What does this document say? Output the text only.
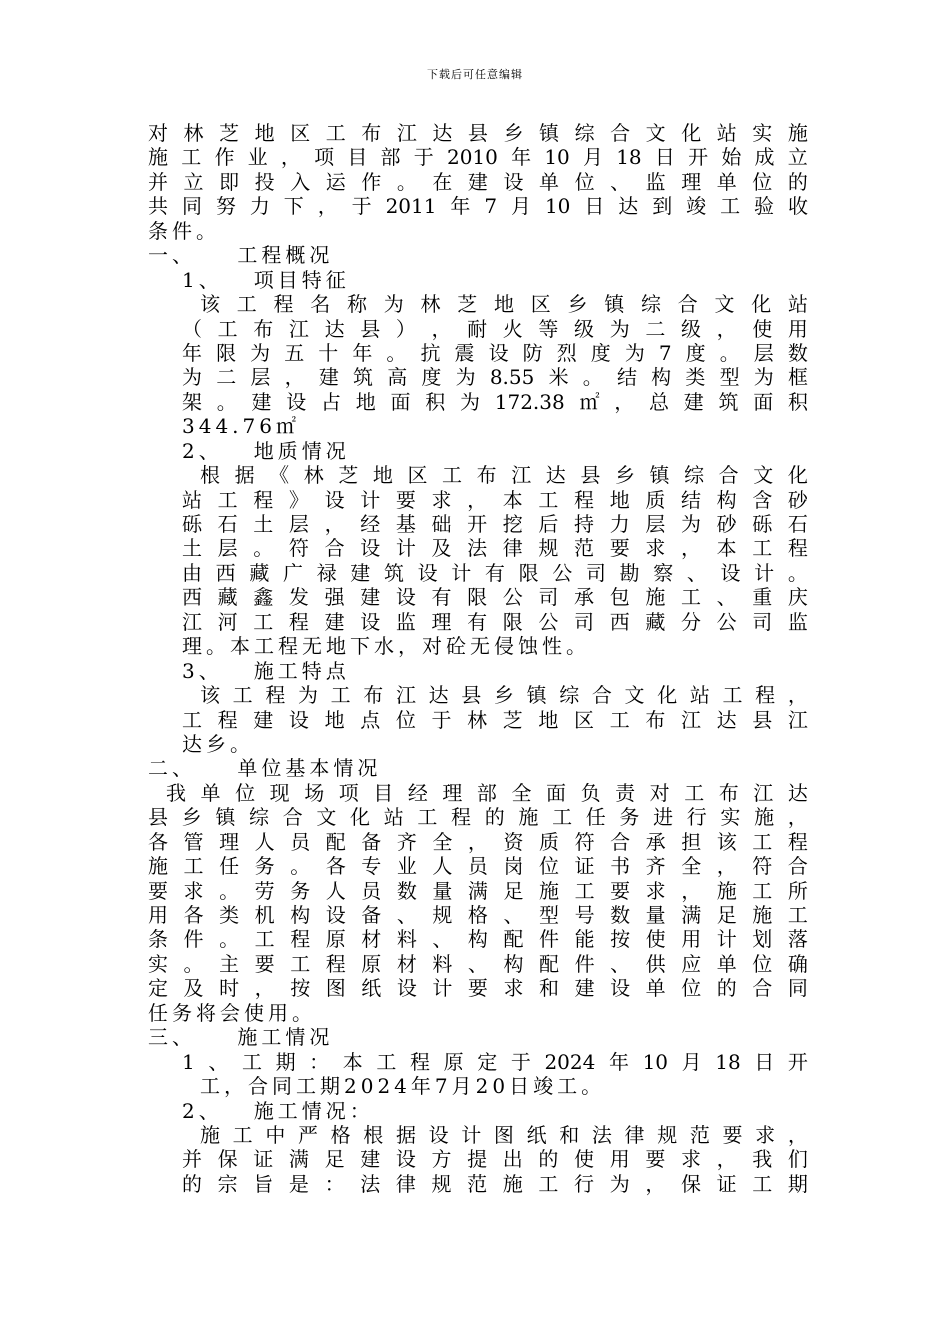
下载后可任意编辑
对 林 芝 地 区 工 布 江 达 县 乡 镇 综 合 文 化 站 实 施
施 工 作 业 ， 项 目 部 于 2010 年 10 月 18 日 开 始 成 立
并 立 即 投 入 运 作 。 在 建 设 单 位 、 监 理 单 位 的
共 同 努 力 下 ， 于 2011 年 7 月 10 日 达 到 竣 工 验 收
条件。
一、    工程概况
1、   项目特征
该 工 程 名 称 为 林 芝 地 区 乡 镇 综 合 文 化 站
（ 工 布 江 达 县 ） ， 耐 火 等 级 为 二 级 ， 使 用
年 限 为 五 十 年 。 抗 震 设 防 烈 度 为 7 度 。 层 数
为 二 层 ， 建 筑 高 度 为 8.55 米 。 结 构 类 型 为 框
架 。 建 设 占 地 面 积 为 172.38 ㎡ ， 总 建 筑 面 积
344.76㎡
2、   地质情况
根 据 《 林 芝 地 区 工 布 江 达 县 乡 镇 综 合 文 化
站 工 程 》 设 计 要 求 ， 本 工 程 地 质 结 构 含 砂
砾 石 土 层 ， 经 基 础 开 挖 后 持 力 层 为 砂 砾 石
土 层 。 符 合 设 计 及 法 律 规 范 要 求 ， 本 工 程
由 西 藏 广 禄 建 筑 设 计 有 限 公 司 勘 察 、 设 计 。
西 藏 鑫 发 强 建 设 有 限 公 司 承 包 施 工 、 重 庆
江 河 工 程 建 设 监 理 有 限 公 司 西 藏 分 公 司 监
理。本工程无地下水，对砼无侵蚀性。
3、   施工特点
该 工 程 为 工 布 江 达 县 乡 镇 综 合 文 化 站 工 程 ，
工 程 建 设 地 点 位 于 林 芝 地 区 工 布 江 达 县 江
达乡。
二、    单位基本情况
我 单 位 现 场 项 目 经 理 部 全 面 负 责 对 工 布 江 达
县 乡 镇 综 合 文 化 站 工 程 的 施 工 任 务 进 行 实 施 ，
各 管 理 人 员 配 备 齐 全 ， 资 质 符 合 承 担 该 工 程
施 工 任 务 。 各 专 业 人 员 岗 位 证 书 齐 全 ， 符 合
要 求 。 劳 务 人 员 数 量 满 足 施 工 要 求 ， 施 工 所
用 各 类 机 构 设 备 、 规 格 、 型 号 数 量 满 足 施 工
条 件 。 工 程 原 材 料 、 构 配 件 能 按 使 用 计 划 落
实 。 主 要 工 程 原 材 料 、 构 配 件 、 供 应 单 位 确
定 及 时 ， 按 图 纸 设 计 要 求 和 建 设 单 位 的 合 同
任务将会使用。
三、    施工情况
1 、 工 期 ： 本 工 程 原 定 于 2024 年 10 月 18 日 开
工，合同工期2024年7月20日竣工。
2、   施工情况：
施 工 中 严 格 根 据 设 计 图 纸 和 法 律 规 范 要 求 ，
并 保 证 满 足 建 设 方 提 出 的 使 用 要 求 ， 我 们
的 宗 旨 是 ： 法 律 规 范 施 工 行 为 ， 保 证 工 期
